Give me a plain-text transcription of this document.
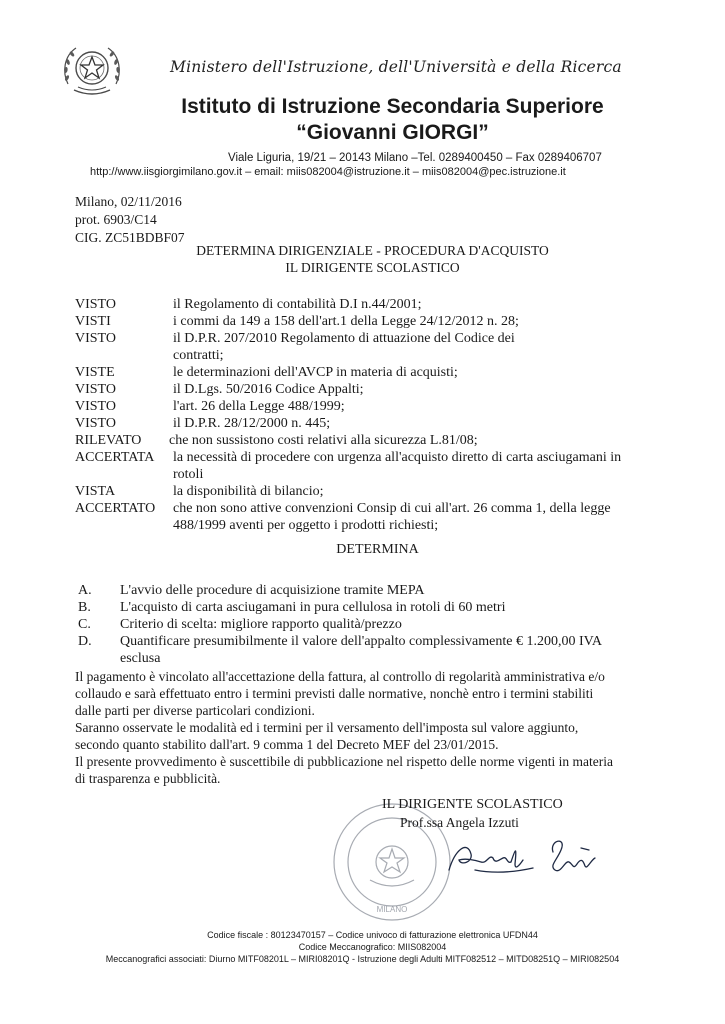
Ministero dell'Istruzione, dell'Università e della Ricerca
Istituto di Istruzione Secondaria Superiore
“Giovanni GIORGI”
Viale Liguria, 19/21 – 20143 Milano –Tel. 0289400450 – Fax 0289406707
http://www.iisgiorgimilano.gov.it – email: miis082004@istruzione.it – miis082004@pec.istruzione.it
Milano, 02/11/2016
prot. 6903/C14
CIG. ZC51BDBF07
DETERMINA DIRIGENZIALE - PROCEDURA D'ACQUISTO
IL DIRIGENTE SCOLASTICO
VISTO	il Regolamento di contabilità D.I n.44/2001;
VISTI	i commi da 149 a 158 dell'art.1 della Legge 24/12/2012 n. 28;
VISTO	il D.P.R. 207/2010 Regolamento di attuazione del Codice dei
contratti;
VISTE	le determinazioni dell'AVCP in materia di acquisti;
VISTO	il D.Lgs. 50/2016 Codice Appalti;
VISTO	l'art. 26 della Legge 488/1999;
VISTO	il D.P.R. 28/12/2000 n. 445;
RILEVATO che non sussistono costi relativi alla sicurezza L.81/08;
ACCERTATA la necessità di procedere con urgenza all'acquisto diretto di carta asciugamani in
rotoli
VISTA	la disponibilità di bilancio;
ACCERTATO che non sono attive convenzioni Consip di cui all'art. 26 comma 1, della legge
488/1999 aventi per oggetto i prodotti richiesti;
DETERMINA
A. L'avvio delle procedure di acquisizione tramite MEPA
B. L'acquisto di carta asciugamani in pura cellulosa in rotoli di 60 metri
C. Criterio di scelta: migliore rapporto qualità/prezzo
D. Quantificare presumibilmente il valore dell'appalto complessivamente € 1.200,00 IVA
esclusa
Il pagamento è vincolato all'accettazione della fattura, al controllo di regolarità amministrativa e/o
collaudo e sarà effettuato entro i termini previsti dalle normative, nonchè entro i termini stabiliti
dalle parti per diverse particolari condizioni.
Saranno osservate le modalità ed i termini per il versamento dell'imposta sul valore aggiunto,
secondo quanto stabilito dall'art. 9 comma 1 del Decreto MEF del 23/01/2015.
Il presente provvedimento è suscettibile di pubblicazione nel rispetto delle norme vigenti in materia
di trasparenza e pubblicità.
MILANO
IL DIRIGENTE SCOLASTICO
Prof.ssa Angela Izzuti
Codice fiscale : 80123470157 – Codice univoco di fatturazione elettronica UFDN44
Codice Meccanografico: MIIS082004
Meccanografici associati: Diurno MITF08201L – MIRI08201Q - Istruzione degli Adulti MITF082512 – MITD08251Q – MIRI082504
